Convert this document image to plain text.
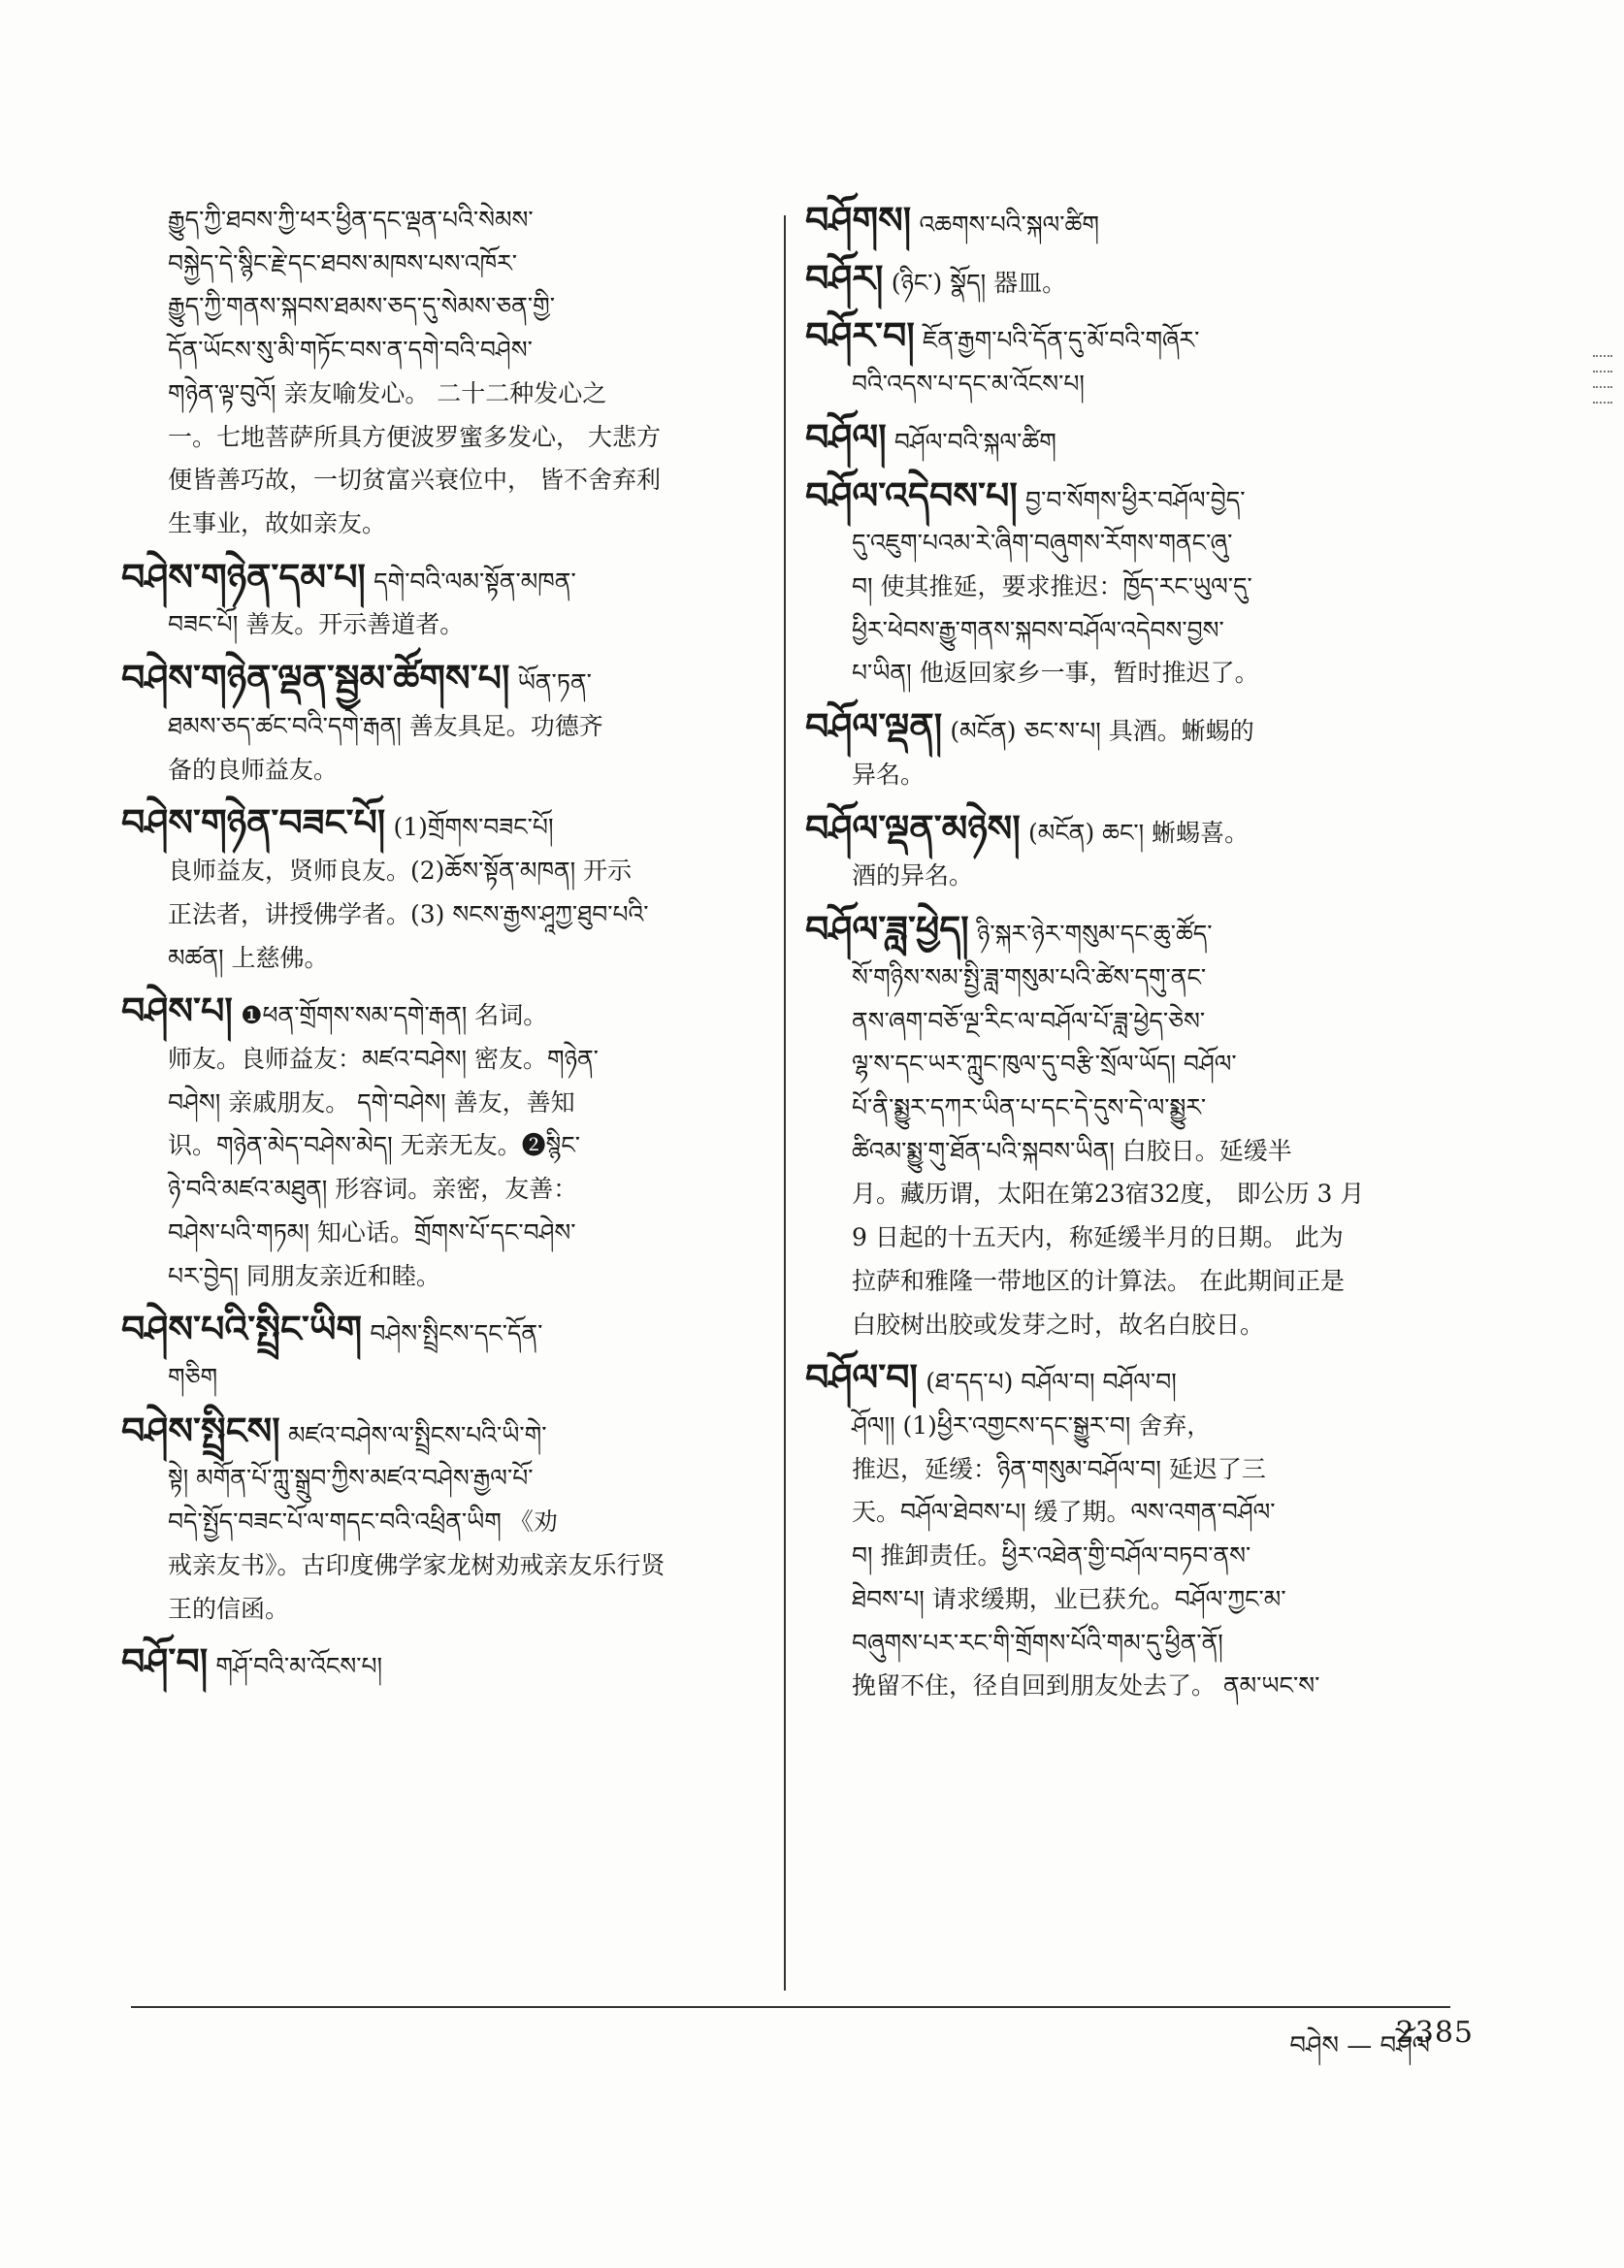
རྒྱུད་ཀྱི་ཐབས་ཀྱི་ཕར་ཕྱིན་དང་ལྡན་པའི་སེམས་
བསྐྱེད་དེ་སྙིང་རྗེ་དང་ཐབས་མཁས་པས་འཁོར་
རྒྱུད་ཀྱི་གནས་སྐབས་ཐམས་ཅད་དུ་སེམས་ཅན་གྱི་
དོན་ཡོངས་སུ་མི་གཏོང་བས་ན་དགེ་བའི་བཤེས་
གཉེན་ལྟ་བུའོ། 亲友喻发心。 二十二种发心之
一。七地菩萨所具方便波罗蜜多发心， 大悲方
便皆善巧故，一切贫富兴衰位中， 皆不舍弃利
生事业，故如亲友。
བཤེས་གཉེན་དམ་པ། དགེ་བའི་ལམ་སྟོན་མཁན་
བཟང་པོ། 善友。开示善道者。
བཤེས་གཉེན་ལྡན་སྦྱམ་ཚོགས་པ། ཡོན་ཏན་
ཐམས་ཅད་ཚང་བའི་དགེ་རྒན། 善友具足。功德齐
备的良师益友。
བཤེས་གཉེན་བཟང་པོ། (1)གྲོགས་བཟང་པོ།
良师益友，贤师良友。(2)ཆོས་སྟོན་མཁན། 开示
正法者，讲授佛学者。(3) སངས་རྒྱས་ཤཱཀྱ་ཐུབ་པའི་
མཚན། 上慈佛。
བཤེས་པ། ❶ཕན་གྲོགས་སམ་དགེ་རྒན། 名词。
师友。良师益友：མཛའ་བཤེས། 密友。གཉེན་
བཤེས། 亲戚朋友。 དགེ་བཤེས། 善友，善知
识。གཉེན་མེད་བཤེས་མེད། 无亲无友。❷སྙིང་
ཉེ་བའི་མཛའ་མཐུན། 形容词。亲密，友善：
བཤེས་པའི་གཏམ། 知心话。གྲོགས་པོ་དང་བཤེས་
པར་བྱེད། 同朋友亲近和睦。
བཤེས་པའི་སྤྲིང་ཡིག བཤེས་སྤྲིངས་དང་དོན་
གཅིག
བཤེས་སྤྲིངས། མཛའ་བཤེས་ལ་སྤྲིངས་པའི་ཡི་གེ་
སྟེ། མགོན་པོ་ཀླུ་སྒྲུབ་ཀྱིས་མཛའ་བཤེས་རྒྱལ་པོ་
བདེ་སྤྱོད་བཟང་པོ་ལ་གདང་བའི་འཕྲིན་ཡིག 《劝
戒亲友书》。古印度佛学家龙树劝戒亲友乐行贤
王的信函。
བཤོ་བ། གཤོ་བའི་མ་འོངས་པ།
བཤོགས། འཆགས་པའི་སྐལ་ཚིག
བཤོར། (ཉིང་) སྣོད། 器皿。
བཤོར་བ། ཇོན་རྒྱག་པའི་དོན་དུ་མོ་བའི་གཞོར་
བའི་འདས་པ་དང་མ་འོངས་པ།
བཤོལ། བཤོལ་བའི་སྐལ་ཚིག
བཤོལ་འདེབས་པ། བྱ་བ་སོགས་ཕྱིར་བཤོལ་བྱེད་
དུ་འཇུག་པའམ་རེ་ཞིག་བཞུགས་རོགས་གནང་ཞུ་
བ། 使其推延，要求推迟：ཁྱོད་རང་ཡུལ་དུ་
ཕྱིར་ཕེབས་རྒྱུ་གནས་སྐབས་བཤོལ་འདེབས་བྱས་
པ་ཡིན། 他返回家乡一事，暂时推迟了。
བཤོལ་ལྡན། (མངོན) ཅང་ས་པ། 具酒。蜥蜴的
异名。
བཤོལ་ལྡན་མཉེས། (མངོན) ཆང་། 蜥蜴喜。
酒的异名。
བཤོལ་ཟླ་ཕྱེད། ཉི་སྐར་ཉེར་གསུམ་དང་ཆུ་ཚོད་
སོ་གཉིས་སམ་སྤྱི་ཟླ་གསུམ་པའི་ཚེས་དགུ་ནང་
ནས་ཞག་བཅོ་ལྔ་རིང་ལ་བཤོལ་པོ་ཟླ་ཕྱེད་ཅེས་
ལྷ་ས་དང་ཡར་ཀླུང་ཁུལ་དུ་བརྩི་སྲོལ་ཡོད། བཤོལ་
པོ་ནི་སྨྱུར་དཀར་ཡིན་པ་དང་དེ་དུས་དེ་ལ་སྨྱུར་
ཚིའམ་སྨྱུ་གུ་ཐོན་པའི་སྐབས་ཡིན། 白胶日。延缓半
月。藏历谓，太阳在第23宿32度， 即公历 3 月
9 日起的十五天内，称延缓半月的日期。 此为
拉萨和雅隆一带地区的计算法。 在此期间正是
白胶树出胶或发芽之时，故名白胶日。
བཤོལ་བ། (ཐ་དད་པ) བཤོལ་བ། བཤོལ་བ།
ཤོལ།། (1)ཕྱིར་འགྱངས་དང་སྒྱུར་བ། 舍弃，
推迟，延缓：ཉིན་གསུམ་བཤོལ་བ། 延迟了三
天。བཤོལ་ཐེབས་པ། 缓了期。ལས་འགན་བཤོལ་
བ། 推卸责任。ཕྱིར་འཐེན་གྱི་བཤོལ་བཏབ་ནས་
ཐེབས་པ། 请求缓期，业已获允。བཤོལ་ཀྱང་མ་
བཞུགས་པར་རང་གི་གྲོགས་པོའི་གམ་དུ་ཕྱིན་ནོ།
挽留不住，径自回到朋友处去了。 ནམ་ཡང་ས་
བཤེས — བཤོལ
2385
